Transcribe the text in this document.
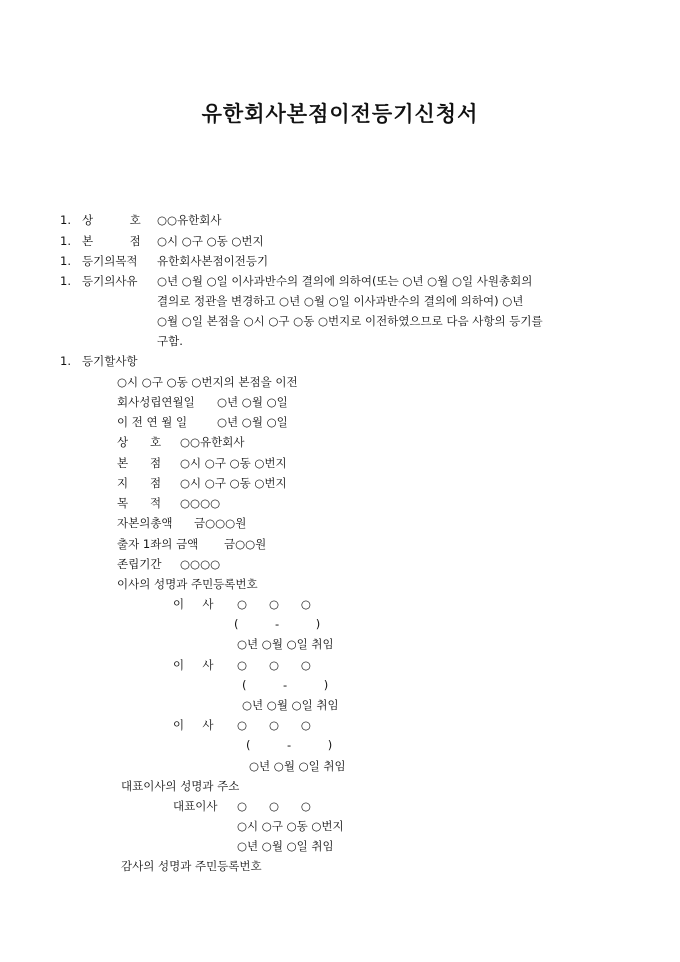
유한회사본점이전등기신청서
1. 상          호 ○○유한회사
1. 본          점 ○시 ○구 ○동 ○번지
1. 등기의목적 유한회사본점이전등기
1. 등기의사유 ○년 ○월 ○일 이사과반수의 결의에 의하여(또는 ○년 ○월 ○일 사원총회의
결의로 정관을 변경하고 ○년 ○월 ○일 이사과반수의 결의에 의하여) ○년
○월 ○일 본점을 ○시 ○구 ○동 ○번지로 이전하였으므로 다음 사항의 등기를
구함.
1. 등기할사항
○시 ○구 ○동 ○번지의 본점을 이전
회사성립연월일 ○년 ○월 ○일
이 전 연 월 일	○년 ○월 ○일
상      호 ○○유한회사
본      점 ○시 ○구 ○동 ○번지
지      점 ○시 ○구 ○동 ○번지
목      적 ○○○○
자본의총액 금○○○원
출자 1좌의 금액 금○○원
존립기간 ○○○○
이사의 성명과 주민등록번호
이     사 ○      ○      ○
(          -          )
○년 ○월 ○일 취임
이     사 ○      ○      ○
(          -          )
○년 ○월 ○일 취임
이     사 ○      ○      ○
(          -          )
○년 ○월 ○일 취임
대표이사의 성명과 주소
대표이사 ○      ○      ○
○시 ○구 ○동 ○번지
○년 ○월 ○일 취임
감사의 성명과 주민등록번호
